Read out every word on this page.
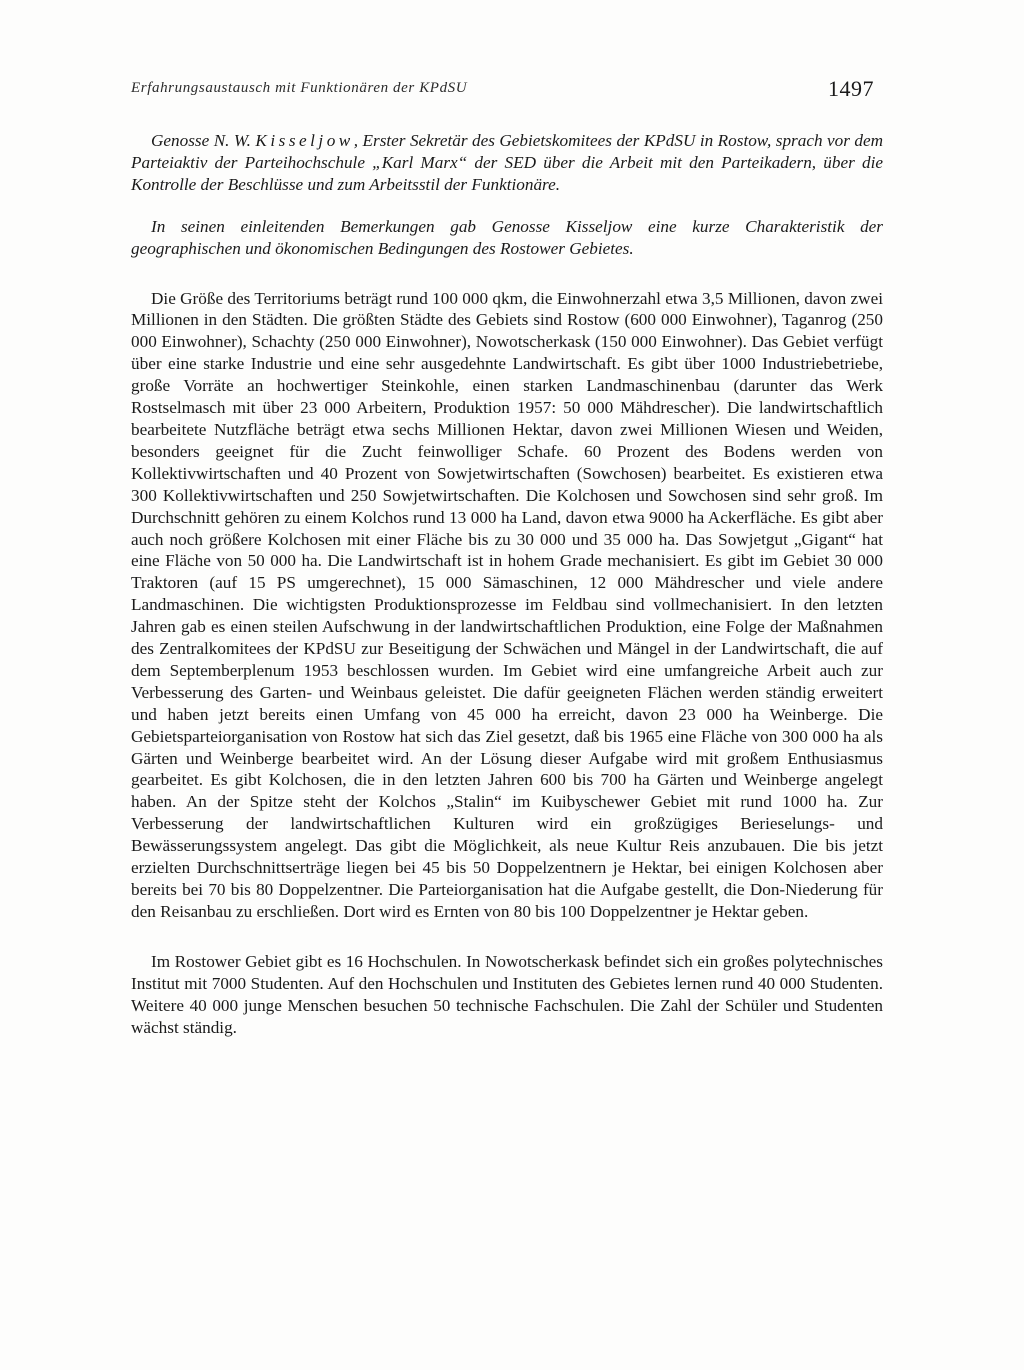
Erfahrungsaustausch mit Funktionären der KPdSU	1497

Genosse N. W. Kisseljow, Erster Sekretär des Gebietskomitees der KPdSU in Rostow, sprach vor dem Parteiaktiv der Parteihochschule „Karl Marx“ der SED über die Arbeit mit den Parteikadern, über die Kontrolle der Beschlüsse und zum Arbeitsstil der Funktionäre.

In seinen einleitenden Bemerkungen gab Genosse Kisseljow eine kurze Charakteristik der geographischen und ökonomischen Bedingungen des Rostower Gebietes.

Die Größe des Territoriums beträgt rund 100 000 qkm, die Einwohnerzahl etwa 3,5 Millionen, davon zwei Millionen in den Städten. Die größten Städte des Gebiets sind Rostow (600 000 Einwohner), Taganrog (250 000 Einwohner), Schachty (250 000 Einwohner), Nowotscherkask (150 000 Einwohner). Das Gebiet verfügt über eine starke Industrie und eine sehr ausgedehnte Landwirtschaft. Es gibt über 1000 Industriebetriebe, große Vorräte an hochwertiger Steinkohle, einen starken Landmaschinenbau (darunter das Werk Rostselmasch mit über 23 000 Arbeitern, Produktion 1957: 50 000 Mähdrescher). Die landwirtschaftlich bearbeitete Nutzfläche beträgt etwa sechs Millionen Hektar, davon zwei Millionen Wiesen und Weiden, besonders geeignet für die Zucht feinwolliger Schafe. 60 Prozent des Bodens werden von Kollektivwirtschaften und 40 Prozent von Sowjetwirtschaften (Sowchosen) bearbeitet. Es existieren etwa 300 Kollektivwirtschaften und 250 Sowjetwirtschaften. Die Kolchosen und Sowchosen sind sehr groß. Im Durchschnitt gehören zu einem Kolchos rund 13 000 ha Land, davon etwa 9000 ha Ackerfläche. Es gibt aber auch noch größere Kolchosen mit einer Fläche bis zu 30 000 und 35 000 ha. Das Sowjetgut „Gigant“ hat eine Fläche von 50 000 ha. Die Landwirtschaft ist in hohem Grade mechanisiert. Es gibt im Gebiet 30 000 Traktoren (auf 15 PS umgerechnet), 15 000 Sämaschinen, 12 000 Mähdrescher und viele andere Landmaschinen. Die wichtigsten Produktionsprozesse im Feldbau sind vollmechanisiert. In den letzten Jahren gab es einen steilen Aufschwung in der landwirtschaftlichen Produktion, eine Folge der Maßnahmen des Zentralkomitees der KPdSU zur Beseitigung der Schwächen und Mängel in der Landwirtschaft, die auf dem Septemberplenum 1953 beschlossen wurden. Im Gebiet wird eine umfangreiche Arbeit auch zur Verbesserung des Garten- und Weinbaus geleistet. Die dafür geeigneten Flächen werden ständig erweitert und haben jetzt bereits einen Umfang von 45 000 ha erreicht, davon 23 000 ha Weinberge. Die Gebietsparteiorganisation von Rostow hat sich das Ziel gesetzt, daß bis 1965 eine Fläche von 300 000 ha als Gärten und Weinberge bearbeitet wird. An der Lösung dieser Aufgabe wird mit großem Enthusiasmus gearbeitet. Es gibt Kolchosen, die in den letzten Jahren 600 bis 700 ha Gärten und Weinberge angelegt haben. An der Spitze steht der Kolchos „Stalin“ im Kuibyschewer Gebiet mit rund 1000 ha. Zur Verbesserung der landwirtschaftlichen Kulturen wird ein großzügiges Berieselungs- und Bewässerungssystem angelegt. Das gibt die Möglichkeit, als neue Kultur Reis anzubauen. Die bis jetzt erzielten Durchschnittserträge liegen bei 45 bis 50 Doppelzentnern je Hektar, bei einigen Kolchosen aber bereits bei 70 bis 80 Doppelzentner. Die Parteiorganisation hat die Aufgabe gestellt, die Don-Niederung für den Reisanbau zu erschließen. Dort wird es Ernten von 80 bis 100 Doppelzentner je Hektar geben.

Im Rostower Gebiet gibt es 16 Hochschulen. In Nowotscherkask befindet sich ein großes polytechnisches Institut mit 7000 Studenten. Auf den Hochschulen und Instituten des Gebietes lernen rund 40 000 Studenten. Weitere 40 000 junge Menschen besuchen 50 technische Fachschulen. Die Zahl der Schüler und Studenten wächst ständig.
